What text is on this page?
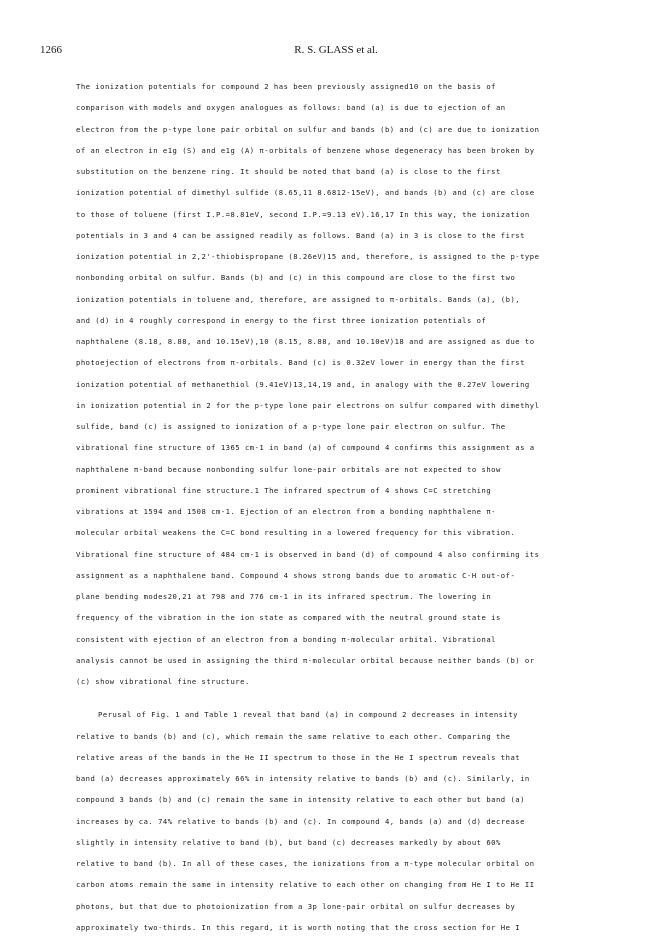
1266	R. S. GLASS et al.
The ionization potentials for compound 2 has been previously assigned10 on the basis of
comparison with models and oxygen analogues as follows: band (a) is due to ejection of an
electron from the p-type lone pair orbital on sulfur and bands (b) and (c) are due to ionization
of an electron in e1g (S) and e1g (A) π-orbitals of benzene whose degeneracy has been broken by
substitution on the benzene ring. It should be noted that band (a) is close to the first
ionization potential of dimethyl sulfide (8.65,11 8.6812-15eV), and bands (b) and (c) are close
to those of toluene (first I.P.=8.81eV, second I.P.=9.13 eV).16,17 In this way, the ionization
potentials in 3 and 4 can be assigned readily as follows. Band (a) in 3 is close to the first
ionization potential in 2,2'-thiobispropane (8.26eV)15 and, therefore, is assigned to the p-type
nonbonding orbital on sulfur. Bands (b) and (c) in this compound are close to the first two
ionization potentials in toluene and, therefore, are assigned to π-orbitals. Bands (a), (b),
and (d) in 4 roughly correspond in energy to the first three ionization potentials of
naphthalene (8.18, 8.88, and 10.15eV),10 (8.15, 8.88, and 10.10eV)18 and are assigned as due to
photoejection of electrons from π-orbitals. Band (c) is 0.32eV lower in energy than the first
ionization potential of methanethiol (9.41eV)13,14,19 and, in analogy with the 0.27eV lowering
in ionization potential in 2 for the p-type lone pair electrons on sulfur compared with dimethyl
sulfide, band (c) is assigned to ionization of a p-type lone pair electron on sulfur. The
vibrational fine structure of 1365 cm-1 in band (a) of compound 4 confirms this assignment as a
naphthalene π-band because nonbonding sulfur lone-pair orbitals are not expected to show
prominent vibrational fine structure.1 The infrared spectrum of 4 shows C=C stretching
vibrations at 1594 and 1508 cm-1. Ejection of an electron from a bonding naphthalene π-
molecular orbital weakens the C=C bond resulting in a lowered frequency for this vibration.
Vibrational fine structure of 484 cm-1 is observed in band (d) of compound 4 also confirming its
assignment as a naphthalene band. Compound 4 shows strong bands due to aromatic C-H out-of-
plane bending modes20,21 at 798 and 776 cm-1 in its infrared spectrum. The lowering in
frequency of the vibration in the ion state as compared with the neutral ground state is
consistent with ejection of an electron from a bonding π-molecular orbital. Vibrational
analysis cannot be used in assigning the third π-molecular orbital because neither bands (b) or
(c) show vibrational fine structure.
Perusal of Fig. 1 and Table 1 reveal that band (a) in compound 2 decreases in intensity
relative to bands (b) and (c), which remain the same relative to each other. Comparing the
relative areas of the bands in the He II spectrum to those in the He I spectrum reveals that
band (a) decreases approximately 66% in intensity relative to bands (b) and (c). Similarly, in
compound 3 bands (b) and (c) remain the same in intensity relative to each other but band (a)
increases by ca. 74% relative to bands (b) and (c). In compound 4, bands (a) and (d) decrease
slightly in intensity relative to band (b), but band (c) decreases markedly by about 60%
relative to band (b). In all of these cases, the ionizations from a π-type molecular orbital on
carbon atoms remain the same in intensity relative to each other on changing from He I to He II
photons, but that due to photoionization from a 3p lone-pair orbital on sulfur decreases by
approximately two-thirds. In this regard, it is worth noting that the cross section for He I
